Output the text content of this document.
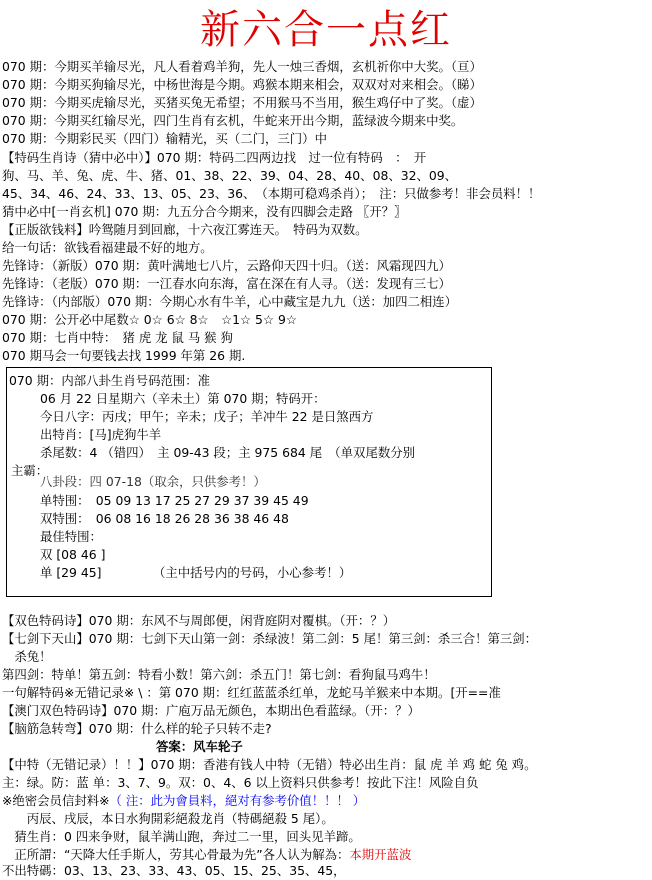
新六合一点红
070 期：今期买羊输尽光，凡人看着鸡羊狗，先人一烛三香烟，玄机祈你中大奖。（亘）
070 期：今期买狗输尽光，中杨世海是今期。鸡猴本期来相会，双双对对来相会。（睇）
070 期：今期买虎输尽光，买猪买兔无希望；不用猴马不当用，猴生鸡仔中了奖。（虚）
070 期：今期买红输尽光，四门生肖有玄机，牛蛇来开出今期，蓝绿波今期来中奖。
070 期：今期彩民买（四门）输精光，买（二门，三门）中
【特码生肖诗（猜中必中）】070 期：特码二四两边找　过一位有特码　：　开
狗、马、羊、兔、虎、牛、猪、01、38、22、39、04、28、40、08、32、09、
45、34、46、24、33、13、05、23、36、　（本期可稳鸡杀肖）；　注：只做参考！非会员料！！
猜中必中[一肖玄机] 070 期：九五分合今期来，没有四脚会走路 〖开？〗
【正版欲钱料】吟鸳随月到回廊，十六夜江雾连天。　特码为双数。
给一句话：欲钱看福建最不好的地方。
先锋诗：（新版）070 期：黄叶满地七八片，云路仰天四十归。（送：风霜现四九）
先锋诗：（老版）070 期：一江春水向东海，富在深在有人寻。（送：发现有三七）
先锋诗：（内部版）070 期：今期心水有牛羊，心中藏宝是九九（送：加四二相连）
070 期：公开必中尾数☆ 0☆ 6☆ 8☆　☆1☆ 5☆ 9☆
070 期：七肖中特：　猪 虎 龙 鼠 马 猴 狗
070 期马会一句要钱去找 1999 年第 26 期.
070 期：内部八卦生肖号码范围：准
06 月 22 日星期六（辛未土）第 070 期；特码开：
今日八字：丙戌；甲午；辛未；戊子；羊冲牛 22 是日煞西方
出特肖：[马]虎狗牛羊
杀尾数：4 （错四）　主 09-43 段；主 975 684 尾　（单双尾数分别
主霸：
八卦段：四 07-18（取余，只供参考！）
单特围：　05 09 13 17 25 27 29 37 39 45 49
双特围：　06 08 16 18 26 28 36 38 46 48
最佳特围：
双 [08 46 ]
单 [29 45]	（主中括号内的号码，小心参考！）
【双色特码诗】070 期：东风不与周郎便，闲背庭阴对覆棋。（开：？）
【七剑下天山】070 期：七剑下天山第一剑：杀绿波！第二剑：5 尾！第三剑：杀三合！第三剑：
　杀兔！
第四剑：特单！第五剑：特看小数！第六剑：杀五门！第七剑：看狗鼠马鸡牛！
一句解特码※无错记录※ \ ：第 070 期：红红蓝蓝杀红单，龙蛇马羊猴来中本期。[开==准
【澳门双色特码诗】070 期：广庖万品无颜色，本期出色看蓝绿。（开：？）
【脑筋急转弯】070 期：什么样的轮子只转不走?
答案：风车轮子
【中特（无错记录）！！】070 期：香港有钱人中特（无错）特必出生肖：鼠 虎 羊 鸡 蛇 兔 鸡。
主：绿。防：蓝 单：3、7、9。双：0、4、6 以上资料只供参考！按此下注！风险自负
※绝密会员信封料※（ 注：此为會員料，絕对有参考价值！！！ ）
　　丙辰、戌辰，本日水狗開彩絕殺龙肖（特碼絕殺 5 尾）。
　猜生肖：0 四来争财，鼠羊满山跑，奔过二一里，回头见羊蹄。
　正所謂：“天降大任手斯人，劳其心骨最为先”各人认为解為：本期开蓝波
不出特碼：03、13、23、33、43、05、15、25、35、45，
